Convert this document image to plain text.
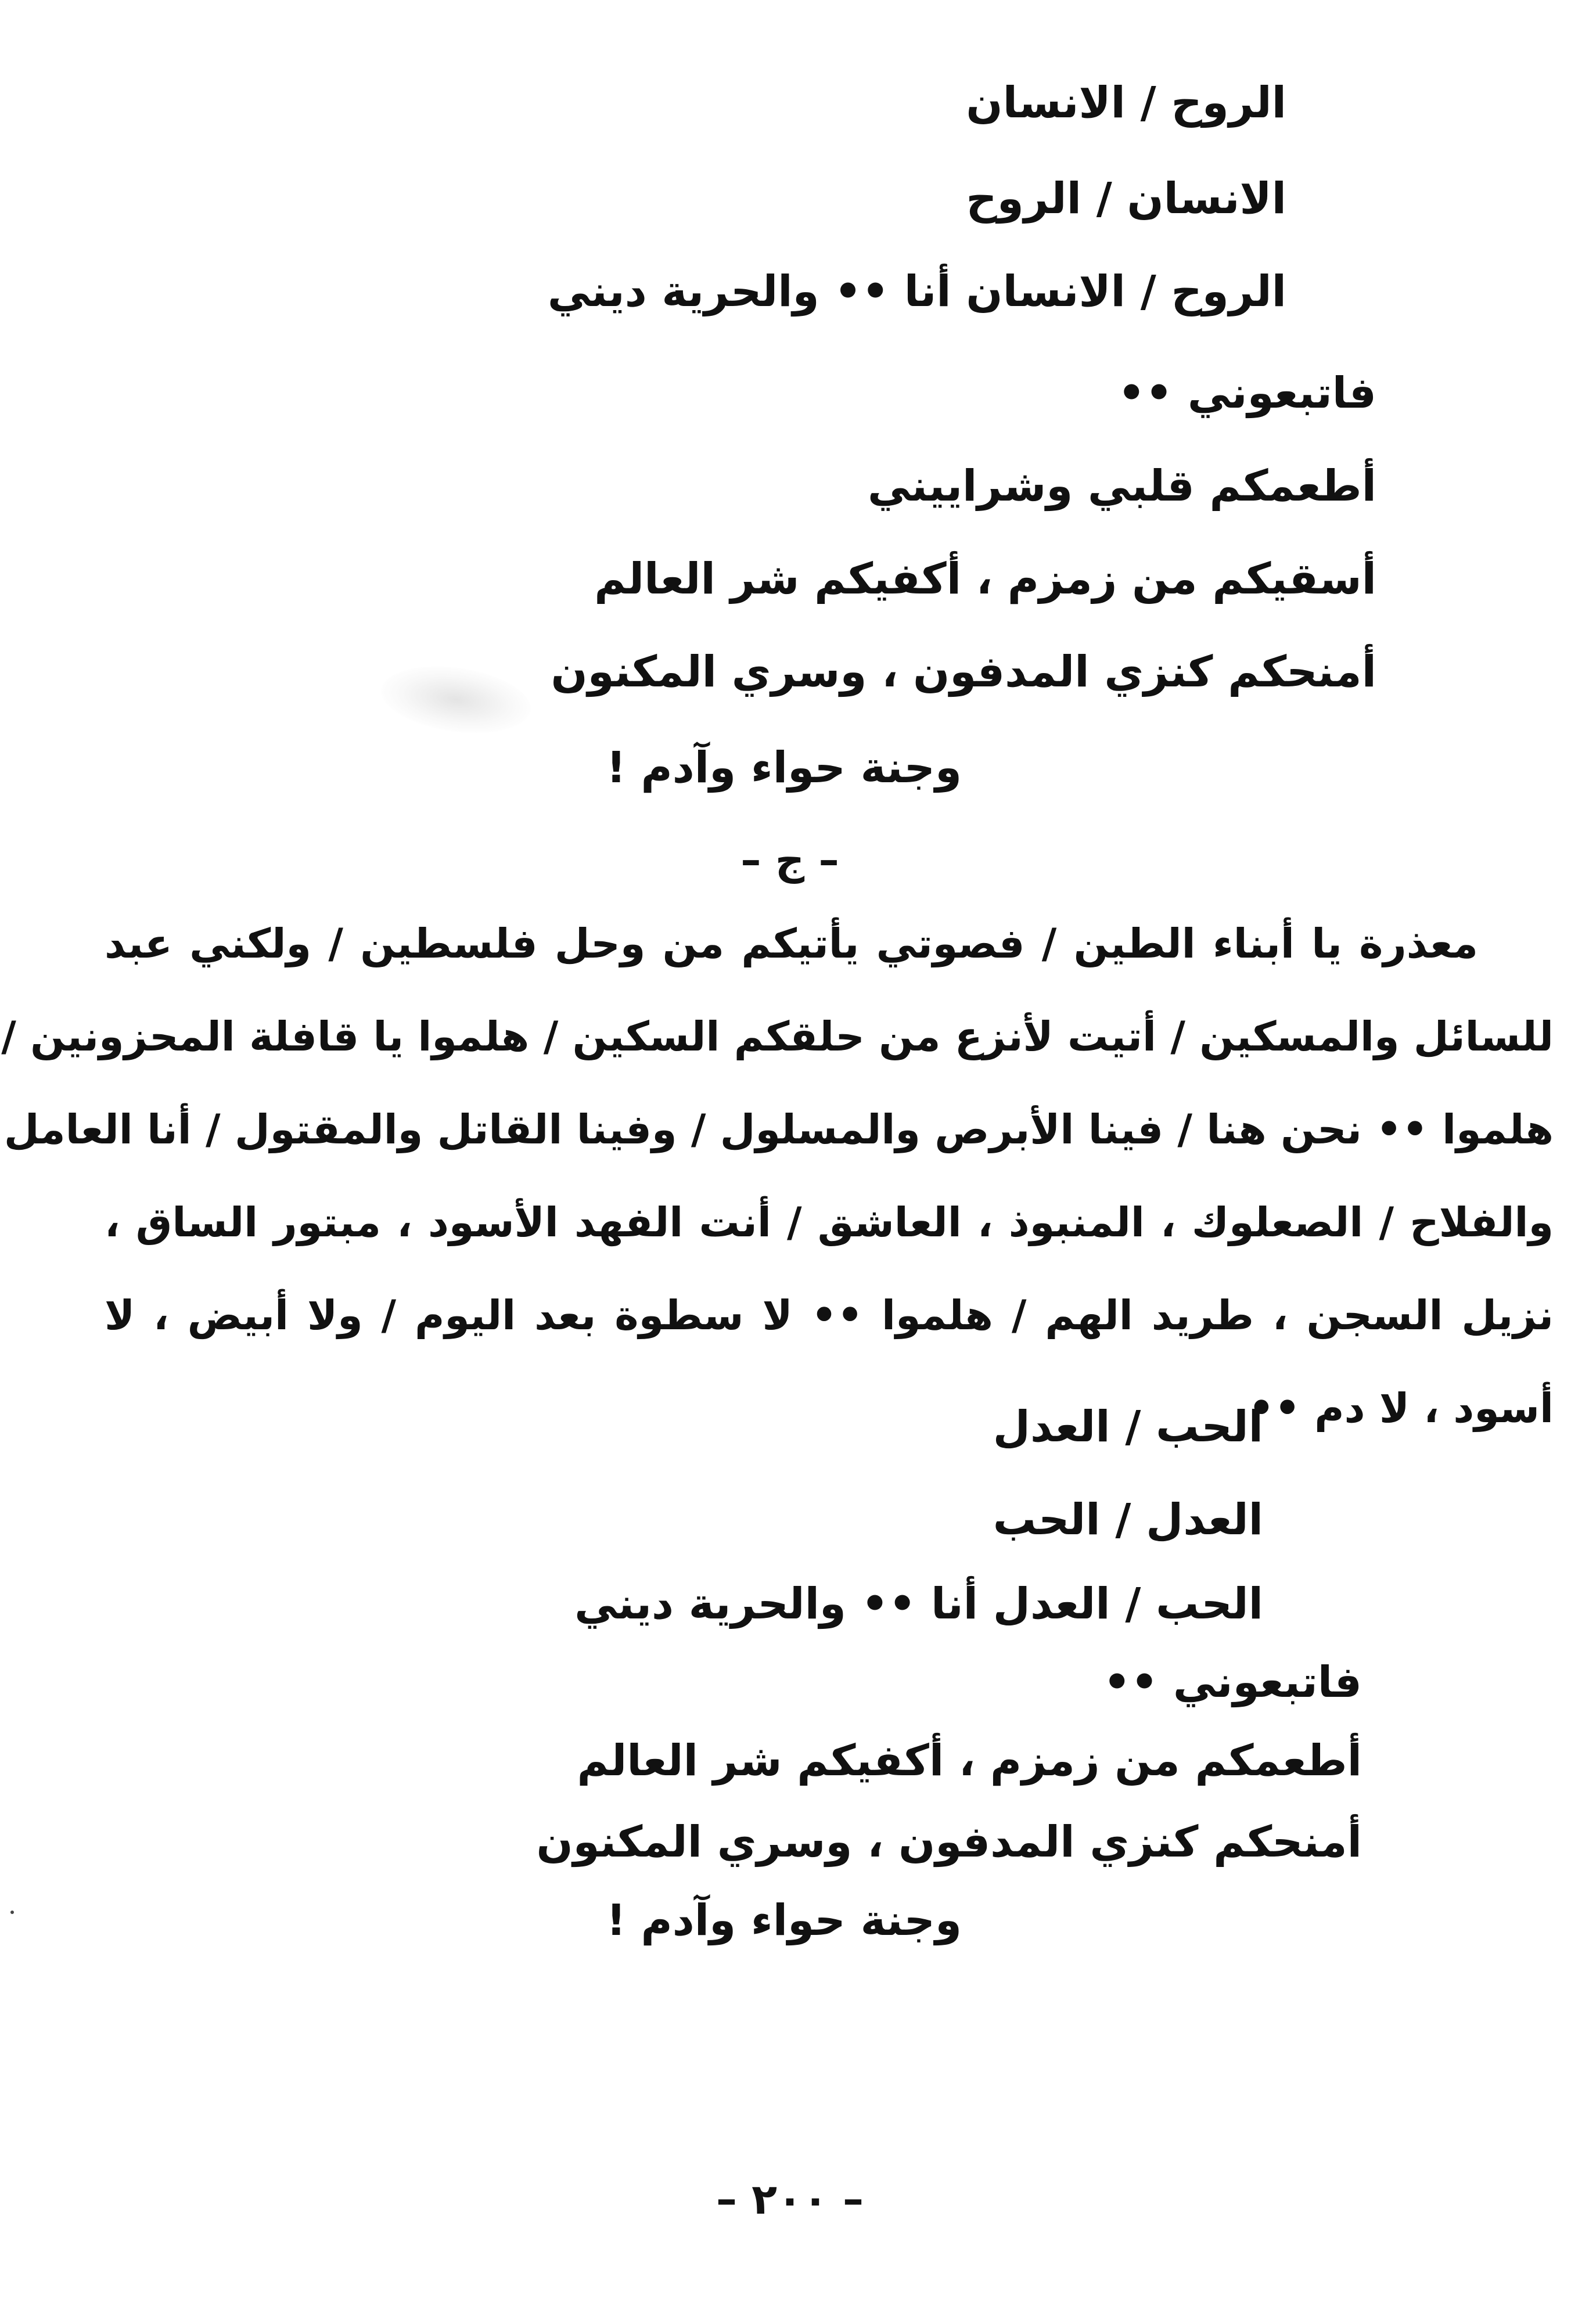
الروح / الانسان
الانسان / الروح
الروح / الانسان أنا •• والحرية ديني
فاتبعوني ••
أطعمكم قلبي وشراييني
أسقيكم من زمزم ، أكفيكم شر العالم
أمنحكم كنزي المدفون ، وسري المكنون
وجنة حواء وآدم !
– ج –
معذرة يا أبناء الطين / فصوتي يأتيكم من وحل فلسطين / ولكني عبد
للسائل والمسكين / أتيت لأنزع من حلقكم السكين / هلموا يا قافلة المحزونين /
هلموا •• نحن هنا / فينا الأبرص والمسلول / وفينا القاتل والمقتول / أنا العامل
والفلاح / الصعلوك ، المنبوذ ، العاشق / أنت الفهد الأسود ، مبتور الساق ،
نزيل السجن ، طريد الهم / هلموا •• لا سطوة بعد اليوم / ولا أبيض ، لا
أسود ، لا دم ••
الحب / العدل
العدل / الحب
الحب / العدل أنا •• والحرية ديني
فاتبعوني ••
أطعمكم من زمزم ، أكفيكم شر العالم
أمنحكم كنزي المدفون ، وسري المكنون
وجنة حواء وآدم !
– ٢٠٠ –
